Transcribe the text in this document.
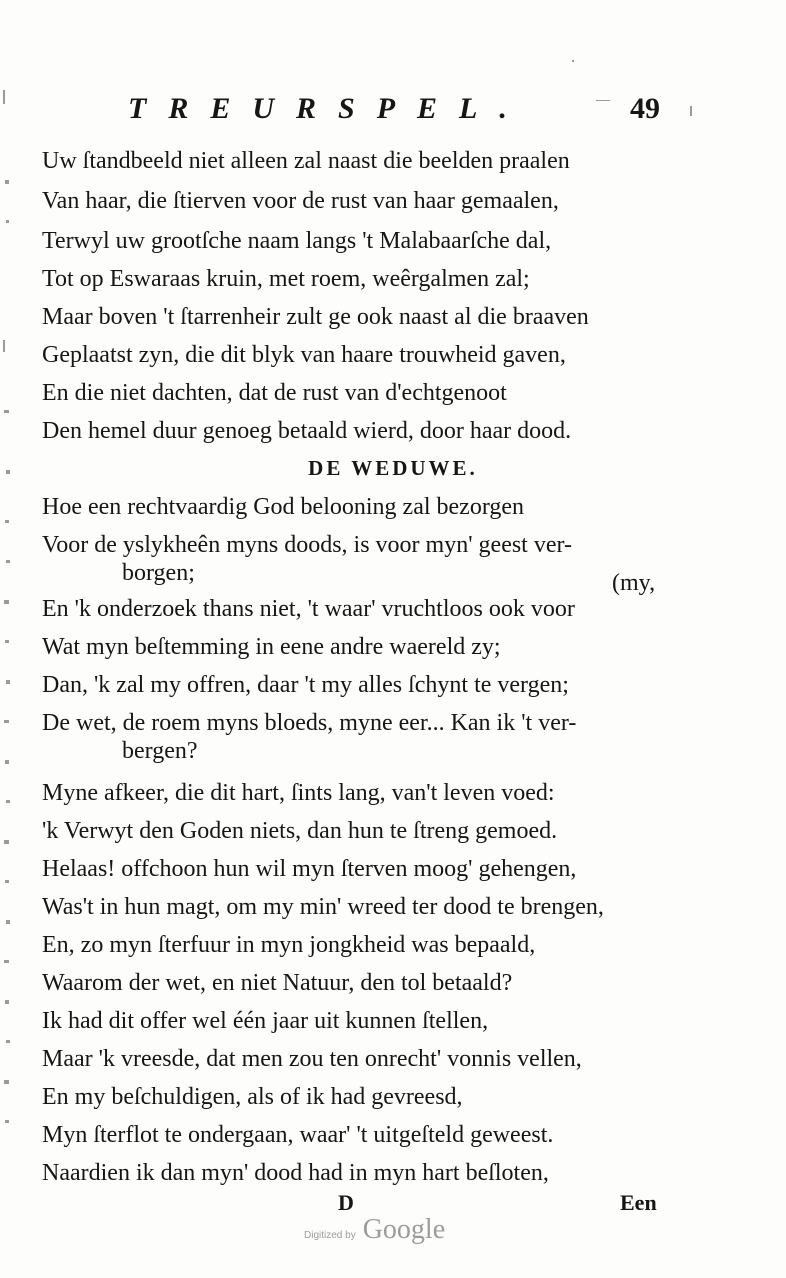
TREURSPEL.	49
Uw ſtandbeeld niet alleen zal naast die beelden praalen
Van haar, die ſtierven voor de rust van haar gemaalen,
Terwyl uw grootſche naam langs 't Malabaarſche dal,
Tot op Eswaraas kruin, met roem, weêrgalmen zal;
Maar boven 't ſtarrenheir zult ge ook naast al die braaven
Geplaatst zyn, die dit blyk van haare trouwheid gaven,
En die niet dachten, dat de rust van d'echtgenoot
Den hemel duur genoeg betaald wierd, door haar dood.
DE WEDUWE.
Hoe een rechtvaardig God belooning zal bezorgen
Voor de yslykheên myns doods, is voor myn' geest ver-
borgen;	(my,
En 'k onderzoek thans niet, 't waar' vruchtloos ook voor
Wat myn beſtemming in eene andre waereld zy;
Dan, 'k zal my offren, daar 't my alles ſchynt te vergen;
De wet, de roem myns bloeds, myne eer... Kan ik 't ver-
bergen?
Myne afkeer, die dit hart, ſints lang, van't leven voed:
'k Verwyt den Goden niets, dan hun te ſtreng gemoed.
Helaas! offchoon hun wil myn ſterven moog' gehengen,
Was't in hun magt, om my min' wreed ter dood te brengen,
En, zo myn ſterfuur in myn jongkheid was bepaald,
Waarom der wet, en niet Natuur, den tol betaald?
Ik had dit offer wel één jaar uit kunnen ſtellen,
Maar 'k vreesde, dat men zou ten onrecht' vonnis vellen,
En my beſchuldigen, als of ik had gevreesd,
Myn ſterflot te ondergaan, waar' 't uitgeſteld geweest.
Naardien ik dan myn' dood had in myn hart beſloten,
D	Een
Digitized by Google
